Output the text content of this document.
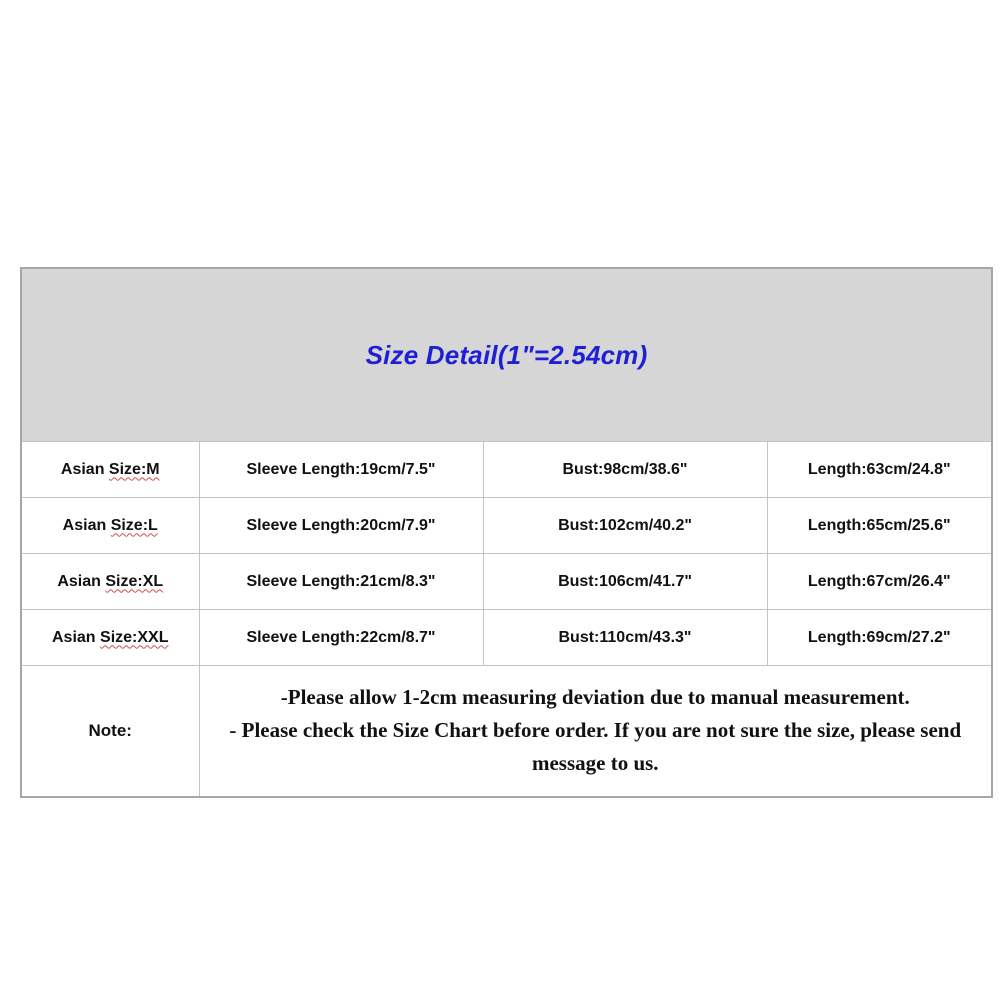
Size Detail(1"=2.54cm)			
Asian Size:M	Sleeve Length:19cm/7.5"	Bust:98cm/38.6"	Length:63cm/24.8"
Asian Size:L	Sleeve Length:20cm/7.9"	Bust:102cm/40.2"	Length:65cm/25.6"
Asian Size:XL	Sleeve Length:21cm/8.3"	Bust:106cm/41.7"	Length:67cm/26.4"
Asian Size:XXL	Sleeve Length:22cm/8.7"	Bust:110cm/43.3"	Length:69cm/27.2"
Note:	-Please allow 1-2cm measuring deviation due to manual measurement.
- Please check the Size Chart before order. If you are not sure the size, please send message to us.		
